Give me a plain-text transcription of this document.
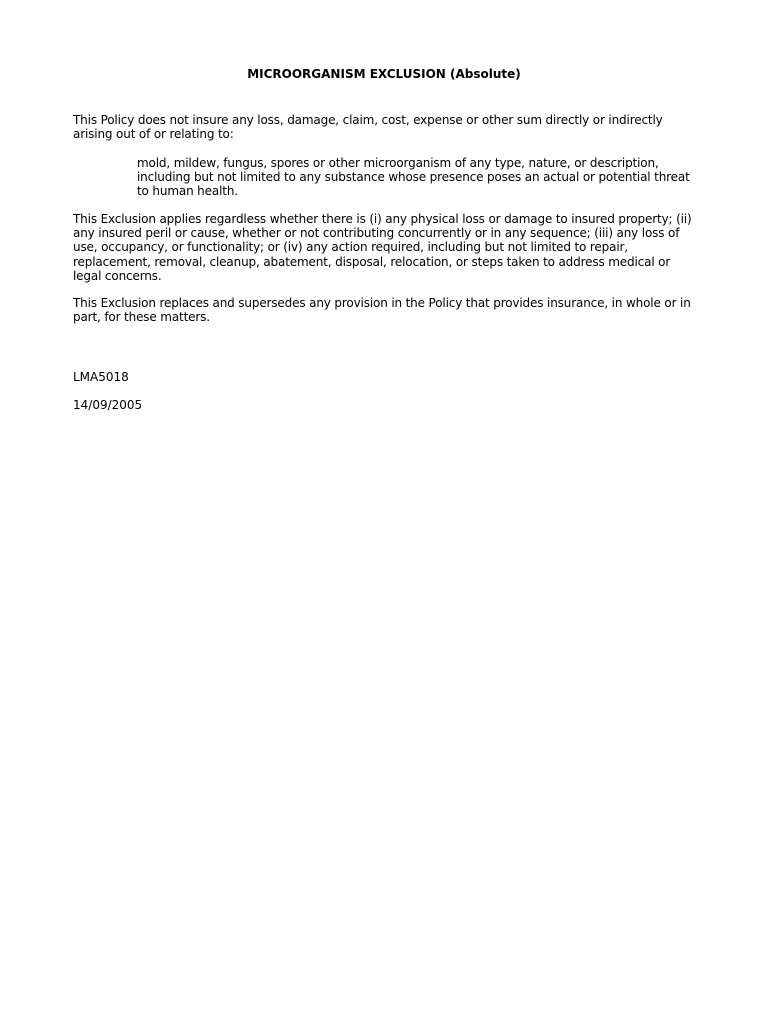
MICROORGANISM EXCLUSION (Absolute)
This Policy does not insure any loss, damage, claim, cost, expense or other sum directly or indirectly
arising out of or relating to:
mold, mildew, fungus, spores or other microorganism of any type, nature, or description,
including but not limited to any substance whose presence poses an actual or potential threat
to human health.
This Exclusion applies regardless whether there is (i) any physical loss or damage to insured property; (ii)
any insured peril or cause, whether or not contributing concurrently or in any sequence; (iii) any loss of
use, occupancy, or functionality; or (iv) any action required, including but not limited to repair,
replacement, removal, cleanup, abatement, disposal, relocation, or steps taken to address medical or
legal concerns.
This Exclusion replaces and supersedes any provision in the Policy that provides insurance, in whole or in
part, for these matters.
LMA5018
14/09/2005
